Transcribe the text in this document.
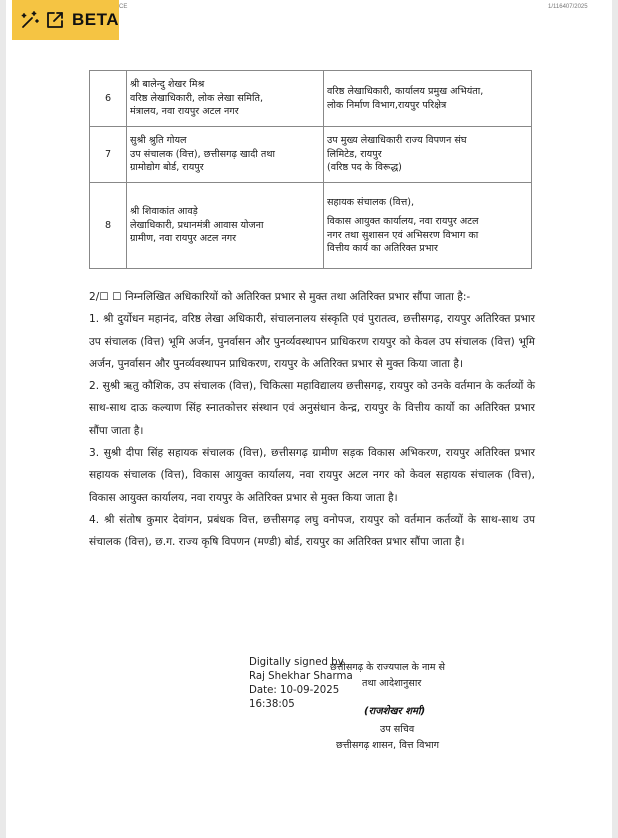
BETA
CE	1/116407/2025
6	श्री बालेन्दु शेखर मिश्र
वरिष्ठ लेखाधिकारी, लोक लेखा समिति,
मंत्रालय, नवा रायपुर अटल नगर	वरिष्ठ लेखाधिकारी, कार्यालय प्रमुख अभियंता,
लोक निर्माण विभाग,रायपुर परिक्षेत्र

7	सुश्री श्रुति गोयल
उप संचालक (वित्त), छत्तीसगढ़ खादी तथा
ग्रामोद्योग बोर्ड, रायपुर	उप मुख्य लेखाधिकारी राज्य विपणन संघ
लिमिटेड, रायपुर
(वरिष्ठ पद के विरूद्ध)

8	श्री शिवाकांत आवड़े
लेखाधिकारी, प्रधानमंत्री आवास योजना
ग्रामीण, नवा रायपुर अटल नगर	सहायक संचालक (वित्त),
विकास आयुक्त कार्यालय, नवा रायपुर अटल
नगर तथा सुशासन एवं अभिसरण विभाग का
वित्तीय कार्य का अतिरिक्त प्रभार

2/☐ ☐ निम्नलिखित अधिकारियों को अतिरिक्त प्रभार से मुक्त तथा अतिरिक्त प्रभार सौंपा जाता है:-

1. श्री दुर्योधन महानंद, वरिष्ठ लेखा अधिकारी, संचालनालय संस्कृति एवं पुरातत्व, छत्तीसगढ़, रायपुर अतिरिक्त प्रभार उप संचालक (वित्त) भूमि अर्जन, पुनर्वासन और पुनर्व्यवस्थापन प्राधिकरण रायपुर को केवल उप संचालक (वित्त) भूमि अर्जन, पुनर्वासन और पुनर्व्यवस्थापन प्राधिकरण, रायपुर के अतिरिक्त प्रभार से मुक्त किया जाता है।

2. सुश्री ऋतु कौशिक, उप संचालक (वित्त), चिकित्सा महाविद्यालय छत्तीसगढ़, रायपुर को उनके वर्तमान के कर्तव्यों के साथ-साथ दाऊ कल्याण सिंह स्नातकोत्तर संस्थान एवं अनुसंधान केन्द्र, रायपुर के वित्तीय कार्यो का अतिरिक्त प्रभार सौंपा जाता है।

3. सुश्री दीपा सिंह सहायक संचालक (वित्त), छत्तीसगढ़ ग्रामीण सड़क विकास अभिकरण, रायपुर अतिरिक्त प्रभार सहायक संचालक (वित्त), विकास आयुक्त कार्यालय, नवा रायपुर अटल नगर को केवल सहायक संचालक (वित्त), विकास आयुक्त कार्यालय, नवा रायपुर के अतिरिक्त प्रभार से मुक्त किया जाता है।

4. श्री संतोष कुमार देवांगन, प्रबंधक वित्त, छत्तीसगढ़ लघु वनोपज, रायपुर को वर्तमान कर्तव्यों के साथ-साथ उप संचालक (वित्त), छ.ग. राज्य कृषि विपणन (मण्डी) बोर्ड, रायपुर का अतिरिक्त प्रभार सौंपा जाता है।

छत्तीसगढ़ के राज्यपाल के नाम से
तथा आदेशानुसार
Digitally signed by
Raj Shekhar Sharma
Date: 10-09-2025
16:38:05
(राजशेखर शर्मा)
उप सचिव
छत्तीसगढ़ शासन, वित्त विभाग
